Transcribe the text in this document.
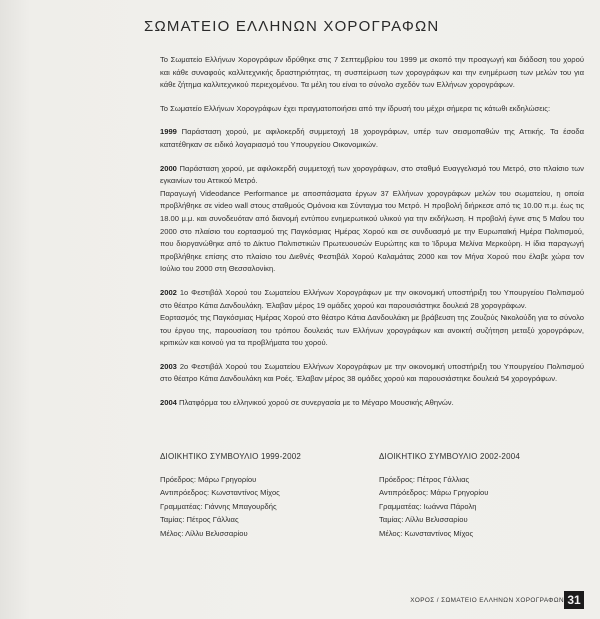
ΣΩΜΑΤΕΙΟ ΕΛΛΗΝΩΝ ΧΟΡΟΓΡΑΦΩΝ

Το Σωματείο Ελλήνων Χορογράφων ιδρύθηκε στις 7 Σεπτεμβρίου του 1999 με σκοπό την προαγωγή και διάδοση του χορού και κάθε συναφούς καλλιτεχνικής δραστηριότητας, τη συσπείρωση των χορογράφων και την ενημέρωση των μελών του για κάθε ζήτημα καλλιτεχνικού περιεχομένου. Τα μέλη του είναι το σύνολο σχεδόν των Ελλήνων χορογράφων.

Το Σωματείο Ελλήνων Χορογράφων έχει πραγματοποιήσει από την ίδρυσή του μέχρι σήμερα τις κάτωθι εκδηλώσεις:

1999 Παράσταση χορού, με αφιλοκερδή συμμετοχή 18 χορογράφων, υπέρ των σεισμοπαθών της Αττικής. Τα έσοδα κατατέθηκαν σε ειδικό λογαριασμό του Υπουργείου Οικονομικών.

2000 Παράσταση χορού, με αφιλοκερδή συμμετοχή των χορογράφων, στο σταθμό Ευαγγελισμό του Μετρό, στο πλαίσιο των εγκαινίων του Αττικού Μετρό.

Παραγωγή Videodance Performance με αποσπάσματα έργων 37 Ελλήνων χορογράφων μελών του σωματείου, η οποία προβλήθηκε σε video wall στους σταθμούς Ομόνοια και Σύνταγμα του Μετρό. Η προβολή διήρκεσε από τις 10.00 π.μ. έως τις 18.00 μ.μ. και συνοδευόταν από διανομή εντύπου ενημερωτικού υλικού για την εκδήλωση. Η προβολή έγινε στις 5 Μαΐου του 2000 στο πλαίσιο του εορτασμού της Παγκόσμιας Ημέρας Χορού και σε συνδυασμό με την Ευρωπαϊκή Ημέρα Πολιτισμού, που διοργανώθηκε από το Δίκτυο Πολιτιστικών Πρωτευουσών Ευρώπης και το Ίδρυμα Μελίνα Μερκούρη. Η ίδια παραγωγή προβλήθηκε επίσης στο πλαίσιο του Διεθνές Φεστιβάλ Χορού Καλαμάτας 2000 και τον Μήνα Χορού που έλαβε χώρα τον Ιούλιο του 2000 στη Θεσσαλονίκη.

2002 1ο Φεστιβάλ Χορού του Σωματείου Ελλήνων Χορογράφων με την οικονομική υποστήριξη του Υπουργείου Πολιτισμού στο θέατρο Κάτια Δανδουλάκη. Έλαβαν μέρος 19 ομάδες χορού και παρουσιάστηκε δουλειά 28 χορογράφων.

Εορτασμός της Παγκόσμιας Ημέρας Χορού στο θέατρο Κάτια Δανδουλάκη με βράβευση της Ζουζούς Νικολούδη για το σύνολο του έργου της, παρουσίαση του τρόπου δουλειάς των Ελλήνων χορογράφων και ανοικτή συζήτηση μεταξύ χορογράφων, κριτικών και κοινού για τα προβλήματα του χορού.

2003 2ο Φεστιβάλ Χορού του Σωματείου Ελλήνων Χορογράφων με την οικονομική υποστήριξη του Υπουργείου Πολιτισμού στο θέατρο Κάτια Δανδουλάκη και Ροές. Έλαβαν μέρος 38 ομάδες χορού και παρουσιάστηκε δουλειά 54 χορογράφων.

2004 Πλατφόρμα του ελληνικού χορού σε συνεργασία με το Μέγαρο Μουσικής Αθηνών.

ΔΙΟΙΚΗΤΙΚΟ ΣΥΜΒΟΥΛΙΟ 1999-2002
Πρόεδρος: Μάρω Γρηγορίου
Αντιπρόεδρος: Κωνσταντίνος Μίχος
Γραμματέας: Γιάννης Μπαγουρδής
Ταμίας: Πέτρος Γάλλιας
Μέλος: Λίλλυ Βελισσαρίου
ΔΙΟΙΚΗΤΙΚΟ ΣΥΜΒΟΥΛΙΟ 2002-2004
Πρόεδρος: Πέτρος Γάλλιας
Αντιπρόεδρος: Μάρω Γρηγορίου
Γραμματέας: Ιωάννα Πάρολη
Ταμίας: Λίλλυ Βελισσαρίου
Μέλος: Κωνσταντίνος Μίχος
ΧΟΡΟΣ / ΣΩΜΑΤΕΙΟ ΕΛΛΗΝΩΝ ΧΟΡΟΓΡΑΦΩΝ 31
